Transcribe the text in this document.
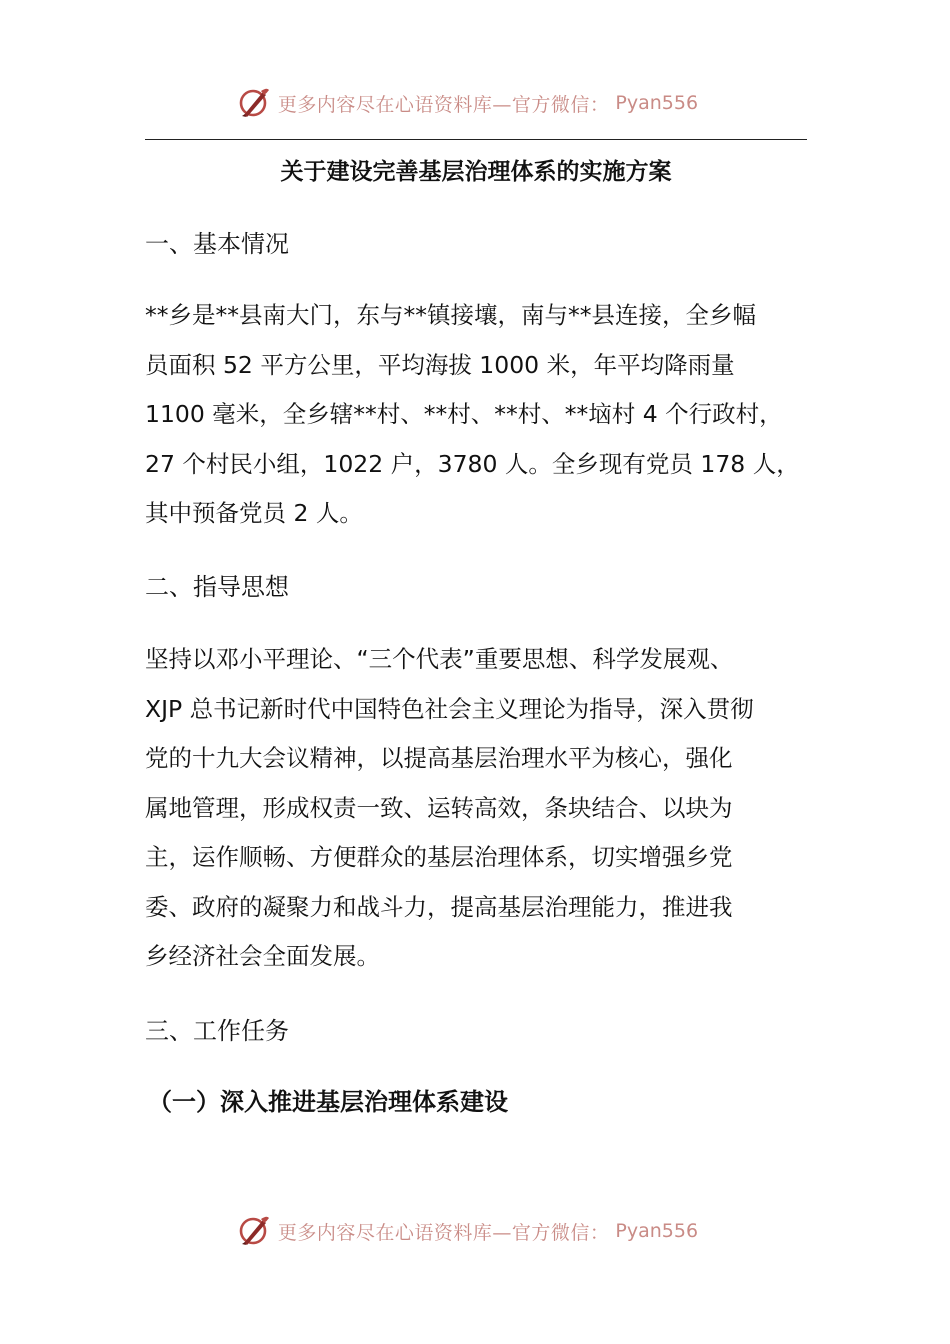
更多内容尽在心语资料库—官方微信： Pyan556
关于建设完善基层治理体系的实施方案
一、基本情况

**乡是**县南大门，东与**镇接壤，南与**县连接，全乡幅
员面积 52 平方公里，平均海拔 1000 米，年平均降雨量
1100 毫米，全乡辖**村、**村、**村、**垴村 4 个行政村，
27 个村民小组，1022 户，3780 人。全乡现有党员 178 人，
其中预备党员 2 人。

二、指导思想

坚持以邓小平理论、“三个代表”重要思想、科学发展观、
XJP 总书记新时代中国特色社会主义理论为指导，深入贯彻
党的十九大会议精神，以提高基层治理水平为核心，强化
属地管理，形成权责一致、运转高效，条块结合、以块为
主，运作顺畅、方便群众的基层治理体系，切实增强乡党
委、政府的凝聚力和战斗力，提高基层治理能力，推进我
乡经济社会全面发展。

三、工作任务
（一）深入推进基层治理体系建设
更多内容尽在心语资料库—官方微信： Pyan556
